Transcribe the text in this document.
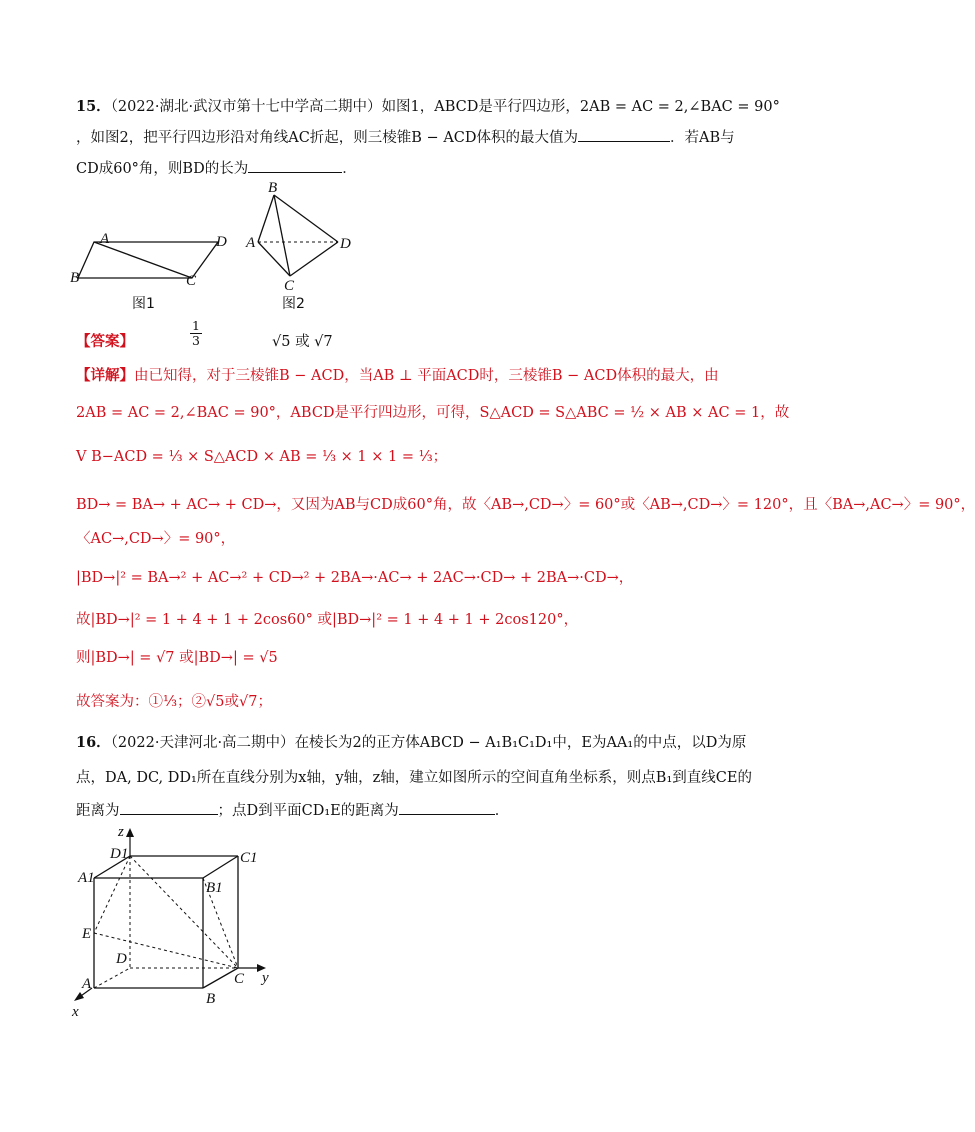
15．（2022·湖北·武汉市第十七中学高二期中）如图1，ABCD是平行四边形，2AB = AC = 2,∠BAC = 90°
，如图2，把平行四边形沿对角线AC折起，则三棱锥B − ACD体积的最大值为	．若AB与
CD成60°角，则BD的长为	．
A	D
B	C
图1
B
A	D
C
图2
【答案】	$\frac{1}{3}$	√5 或 √7
【详解】由已知得，对于三棱锥B − ACD，当AB ⊥ 平面ACD时，三棱锥B − ACD体积的最大，由
2AB = AC = 2,∠BAC = 90°，ABCD是平行四边形，可得，S△ACD = S△ABC = ½ × AB × AC = 1，故
V B−ACD = ⅓ × S△ACD × AB = ⅓ × 1 × 1 = ⅓；
BD→ = BA→ + AC→ + CD→，又因为AB与CD成60°角，故〈AB→,CD→〉= 60°或〈AB→,CD→〉= 120°，且〈BA→,AC→〉= 90°，
〈AC→,CD→〉= 90°，
|BD→|² = BA→² + AC→² + CD→² + 2BA→·AC→ + 2AC→·CD→ + 2BA→·CD→，
故|BD→|² = 1 + 4 + 1 + 2cos60° 或|BD→|² = 1 + 4 + 1 + 2cos120°，
则|BD→| = √7 或|BD→| = √5
故答案为：①⅓；②√5或√7；
16．（2022·天津河北·高二期中）在棱长为2的正方体ABCD − A₁B₁C₁D₁中，E为AA₁的中点，以D为原
点，DA, DC, DD₁所在直线分别为x轴，y轴，z轴，建立如图所示的空间直角坐标系，则点B₁到直线CE的
距离为	；点D到平面CD₁E的距离为	．
z
D1	C1
A1
B1
E
D
C y
A
B
x
